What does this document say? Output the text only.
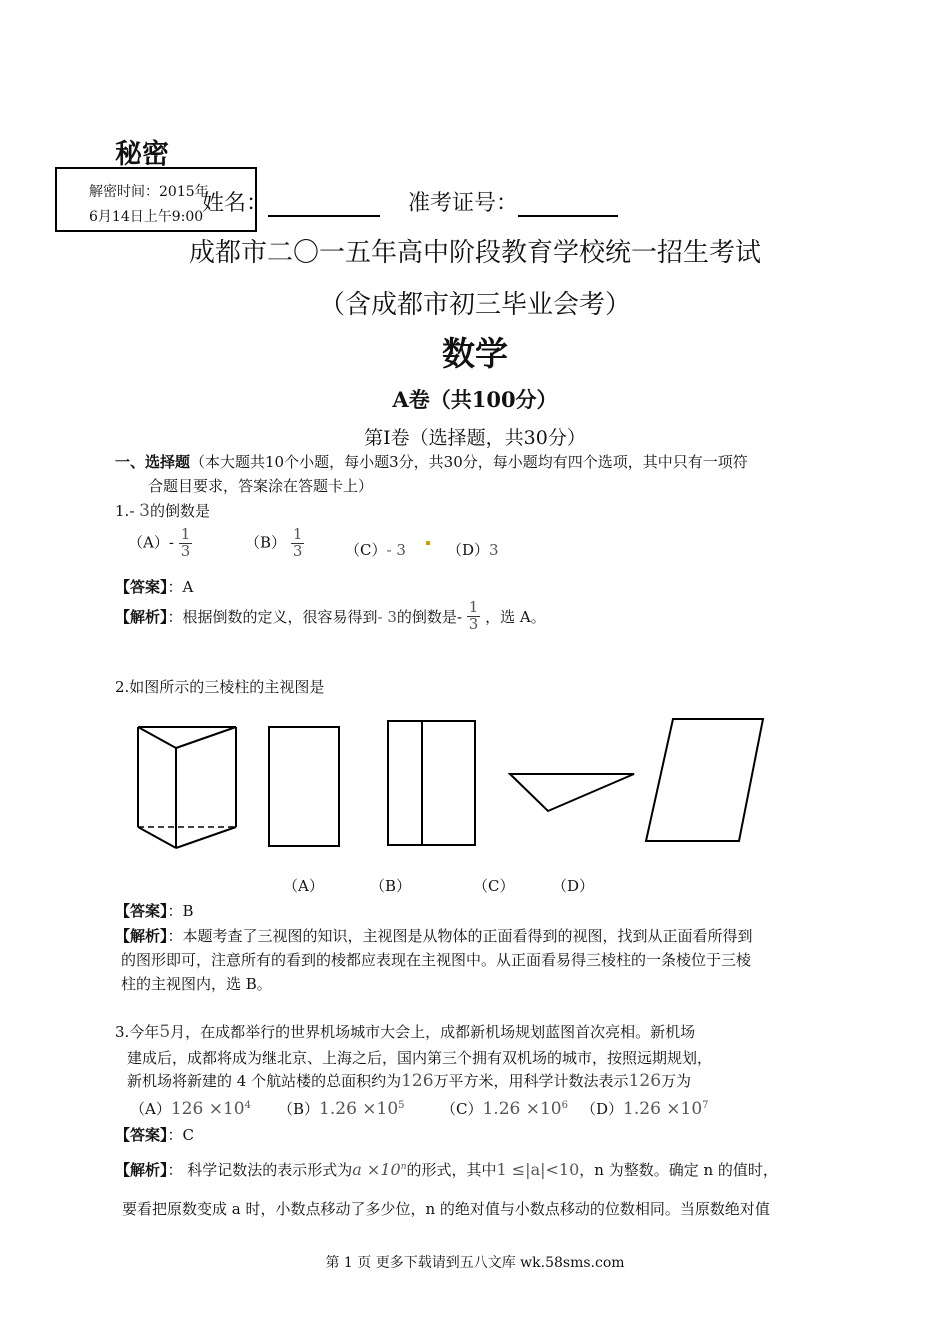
秘密
解密时间：2015年
6月14日上午9:00
姓名：	准考证号：
成都市二〇一五年高中阶段教育学校统一招生考试
（含成都市初三毕业会考）
数学
A卷（共100分）
第Ⅰ卷（选择题，共30分）
一、选择题（本大题共10个小题，每小题3分，共30分，每小题均有四个选项，其中只有一项符
合题目要求，答案涂在答题卡上）
1.- 3的倒数是
$(A)- \frac{1}{3}$	$(B) \frac{1}{3}$	（C）- 3	（D）3
【答案】：A
【解析】：根据倒数的定义，很容易得到- 3的倒数是- $\frac{1}{3}$ ，选 A。
2.如图所示的三棱柱的主视图是
（A）	（B）	（C）	（D）
【答案】：B
【解析】：本题考查了三视图的知识，主视图是从物体的正面看得到的视图，找到从正面看所得到
的图形即可，注意所有的看到的棱都应表现在主视图中。从正面看易得三棱柱的一条棱位于三棱
柱的主视图内，选 B。
3.今年5月，在成都举行的世界机场城市大会上，成都新机场规划蓝图首次亮相。新机场
建成后，成都将成为继北京、上海之后，国内第三个拥有双机场的城市，按照远期规划，
新机场将新建的 4 个航站楼的总面积约为126万平方米，用科学计数法表示126万为
$(A)126 \times 10^4$ $(B)1.26 \times 10^5$ $(C)1.26 \times 10^6$ $(D)1.26 \times 10^7$
【答案】：C
【解析】： 科学记数法的表示形式为$a \times 10^n$的形式，其中1 ≤|a|<10，n 为整数。确定 n 的值时，
要看把原数变成 a 时，小数点移动了多少位，n 的绝对值与小数点移动的位数相同。当原数绝对值
第 1 页 更多下载请到五八文库 wk.58sms.com
